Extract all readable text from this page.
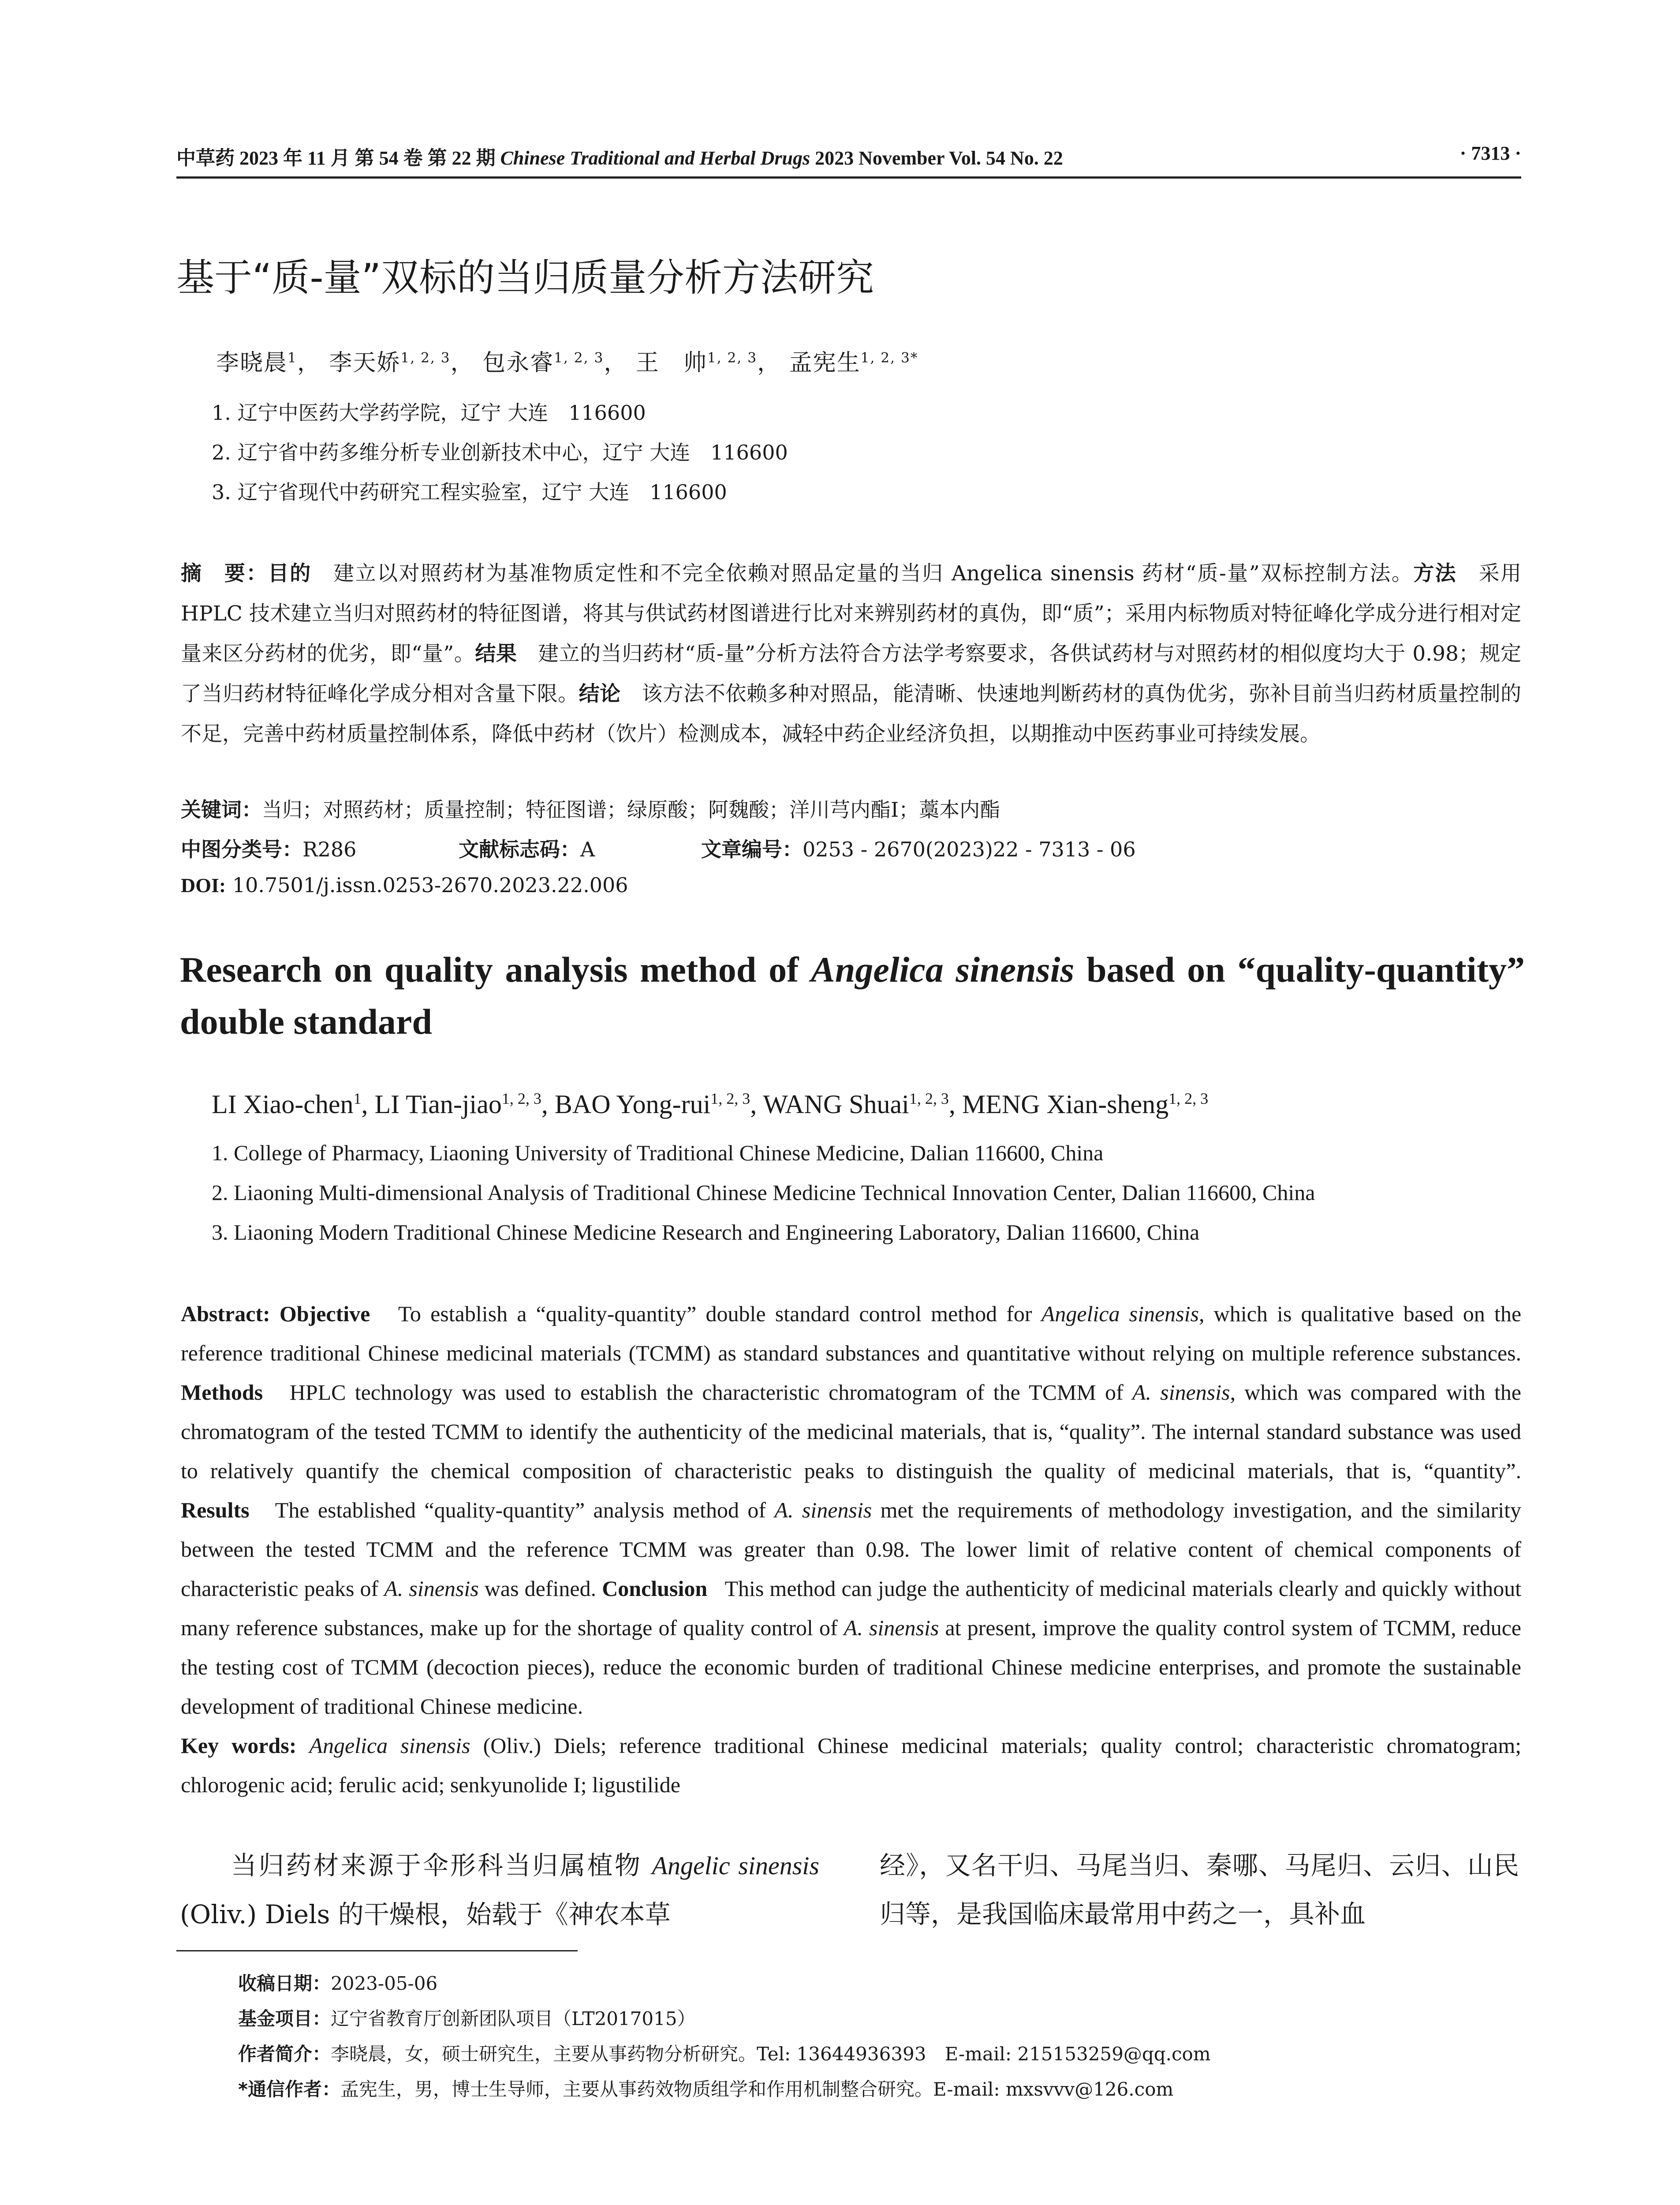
中草药 2023 年 11 月 第 54 卷 第 22 期 Chinese Traditional and Herbal Drugs 2023 November Vol. 54 No. 22	· 7313 ·
基于“质-量”双标的当归质量分析方法研究
李晓晨$^1$， 李天娇$^{1, 2, 3}$， 包永睿$^{1, 2, 3}$， 王　帅$^{1, 2, 3}$， 孟宪生$^{1, 2, 3*}$
1. 辽宁中医药大学药学院，辽宁 大连　116600
2. 辽宁省中药多维分析专业创新技术中心，辽宁 大连　116600
3. 辽宁省现代中药研究工程实验室，辽宁 大连　116600
摘　要：目的　 建立以对照药材为基准物质定性和不完全依赖对照品定量的当归 Angelica sinensis 药材“质-量”双标控制方法。方法　 采用 HPLC 技术建立当归对照药材的特征图谱，将其与供试药材图谱进行比对来辨别药材的真伪，即“质”；采用内标物质对特征峰化学成分进行相对定量来区分药材的优劣，即“量”。结果　 建立的当归药材“质-量”分析方法符合方法学考察要求，各供试药材与对照药材的相似度均大于 0.98；规定了当归药材特征峰化学成分相对含量下限。结论　 该方法不依赖多种对照品，能清晰、快速地判断药材的真伪优劣，弥补目前当归药材质量控制的不足，完善中药材质量控制体系，降低中药材（饮片）检测成本，减轻中药企业经济负担，以期推动中医药事业可持续发展。
关键词：当归；对照药材；质量控制；特征图谱；绿原酸；阿魏酸；洋川芎内酯I；藁本内酯
中图分类号：R286	文献标志码：A	文章编号：0253 - 2670(2023)22 - 7313 - 06
DOI: 10.7501/j.issn.0253-2670.2023.22.006
Research on quality analysis method of Angelica sinensis based on “quality-quantity” double standard
LI Xiao-chen$^1$, LI Tian-jiao$^{1, 2, 3}$, BAO Yong-rui$^{1, 2, 3}$, WANG Shuai$^{1, 2, 3}$, MENG Xian-sheng$^{1, 2, 3}$
1. College of Pharmacy, Liaoning University of Traditional Chinese Medicine, Dalian 116600, China
2. Liaoning Multi-dimensional Analysis of Traditional Chinese Medicine Technical Innovation Center, Dalian 116600, China
3. Liaoning Modern Traditional Chinese Medicine Research and Engineering Laboratory, Dalian 116600, China
Abstract: Objective To establish a “quality-quantity” double standard control method for Angelica sinensis, which is qualitative based on the reference traditional Chinese medicinal materials (TCMM) as standard substances and quantitative without relying on multiple reference substances. Methods HPLC technology was used to establish the characteristic chromatogram of the TCMM of A. sinensis, which was compared with the chromatogram of the tested TCMM to identify the authenticity of the medicinal materials, that is, “quality”. The internal standard substance was used to relatively quantify the chemical composition of characteristic peaks to distinguish the quality of medicinal materials, that is, “quantity”. Results The established “quality-quantity” analysis method of A. sinensis met the requirements of methodology investigation, and the similarity between the tested TCMM and the reference TCMM was greater than 0.98. The lower limit of relative content of chemical components of characteristic peaks of A. sinensis was defined. Conclusion This method can judge the authenticity of medicinal materials clearly and quickly without many reference substances, make up for the shortage of quality control of A. sinensis at present, improve the quality control system of TCMM, reduce the testing cost of TCMM (decoction pieces), reduce the economic burden of traditional Chinese medicine enterprises, and promote the sustainable development of traditional Chinese medicine.
Key words: Angelica sinensis (Oliv.) Diels; reference traditional Chinese medicinal materials; quality control; characteristic chromatogram; chlorogenic acid; ferulic acid; senkyunolide I; ligustilide
当归药材来源于伞形科当归属植物 Angelic sinensis (Oliv.) Diels 的干燥根，始载于《神农本草
经》，又名干归、马尾当归、秦哪、马尾归、云归、山民归等，是我国临床最常用中药之一，具补血
收稿日期：2023-05-06
基金项目：辽宁省教育厅创新团队项目（LT2017015）
作者简介：李晓晨，女，硕士研究生，主要从事药物分析研究。Tel: 13644936393　E-mail: 215153259@qq.com
*通信作者：孟宪生，男，博士生导师，主要从事药效物质组学和作用机制整合研究。E-mail: mxsvvv@126.com
